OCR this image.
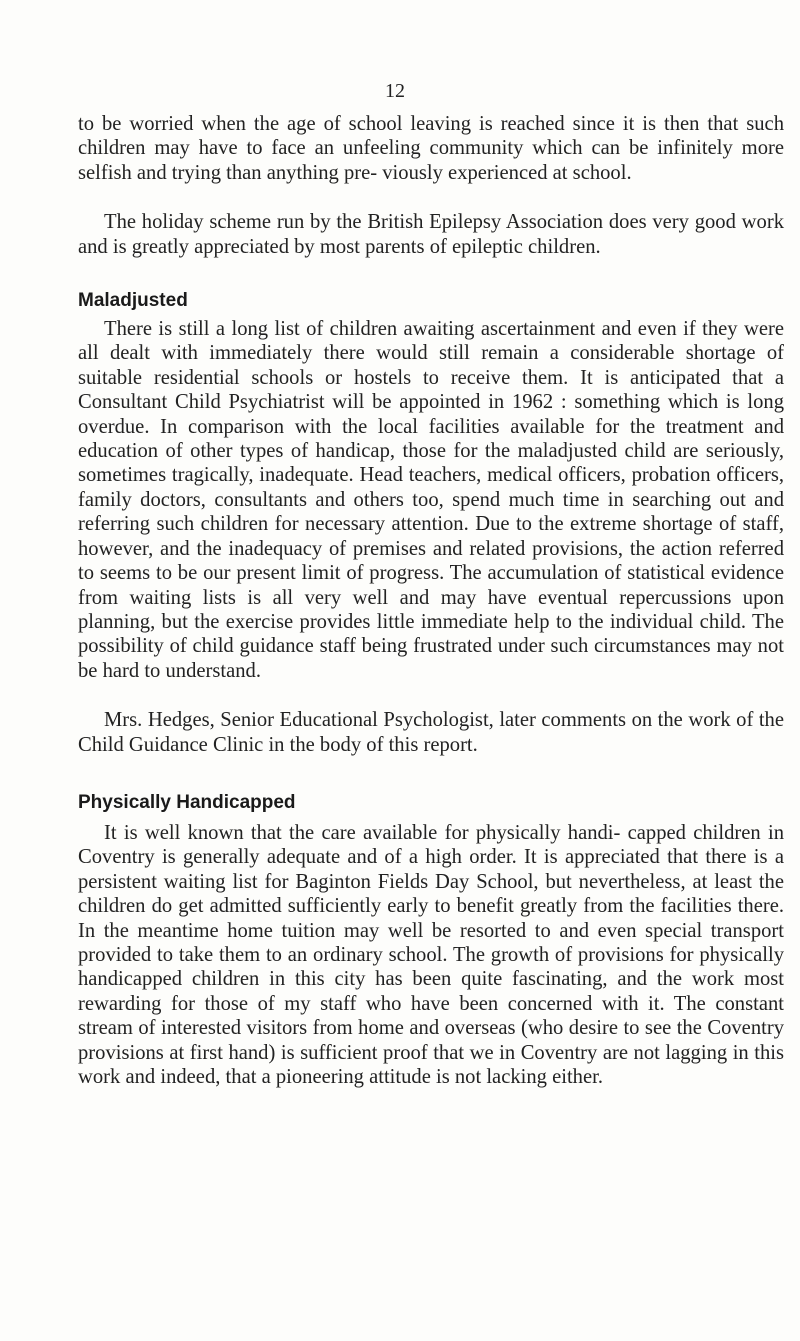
12

to be worried when the age of school leaving is reached since it is then that such children may have to face an unfeeling community which can be infinitely more selfish and trying than anything pre- viously experienced at school.

The holiday scheme run by the British Epilepsy Association does very good work and is greatly appreciated by most parents of epileptic children.

Maladjusted

There is still a long list of children awaiting ascertainment and even if they were all dealt with immediately there would still remain a considerable shortage of suitable residential schools or hostels to receive them. It is anticipated that a Consultant Child Psychiatrist will be appointed in 1962 : something which is long overdue. In comparison with the local facilities available for the treatment and education of other types of handicap, those for the maladjusted child are seriously, sometimes tragically, inadequate. Head teachers, medical officers, probation officers, family doctors, consultants and others too, spend much time in searching out and referring such children for necessary attention. Due to the extreme shortage of staff, however, and the inadequacy of premises and related provisions, the action referred to seems to be our present limit of progress. The accumulation of statistical evidence from waiting lists is all very well and may have eventual repercussions upon planning, but the exercise provides little immediate help to the individual child. The possibility of child guidance staff being frustrated under such circumstances may not be hard to understand.

Mrs. Hedges, Senior Educational Psychologist, later comments on the work of the Child Guidance Clinic in the body of this report.

Physically Handicapped

It is well known that the care available for physically handi- capped children in Coventry is generally adequate and of a high order. It is appreciated that there is a persistent waiting list for Baginton Fields Day School, but nevertheless, at least the children do get admitted sufficiently early to benefit greatly from the facilities there. In the meantime home tuition may well be resorted to and even special transport provided to take them to an ordinary school. The growth of provisions for physically handicapped children in this city has been quite fascinating, and the work most rewarding for those of my staff who have been concerned with it. The constant stream of interested visitors from home and overseas (who desire to see the Coventry provisions at first hand) is sufficient proof that we in Coventry are not lagging in this work and indeed, that a pioneering attitude is not lacking either.
